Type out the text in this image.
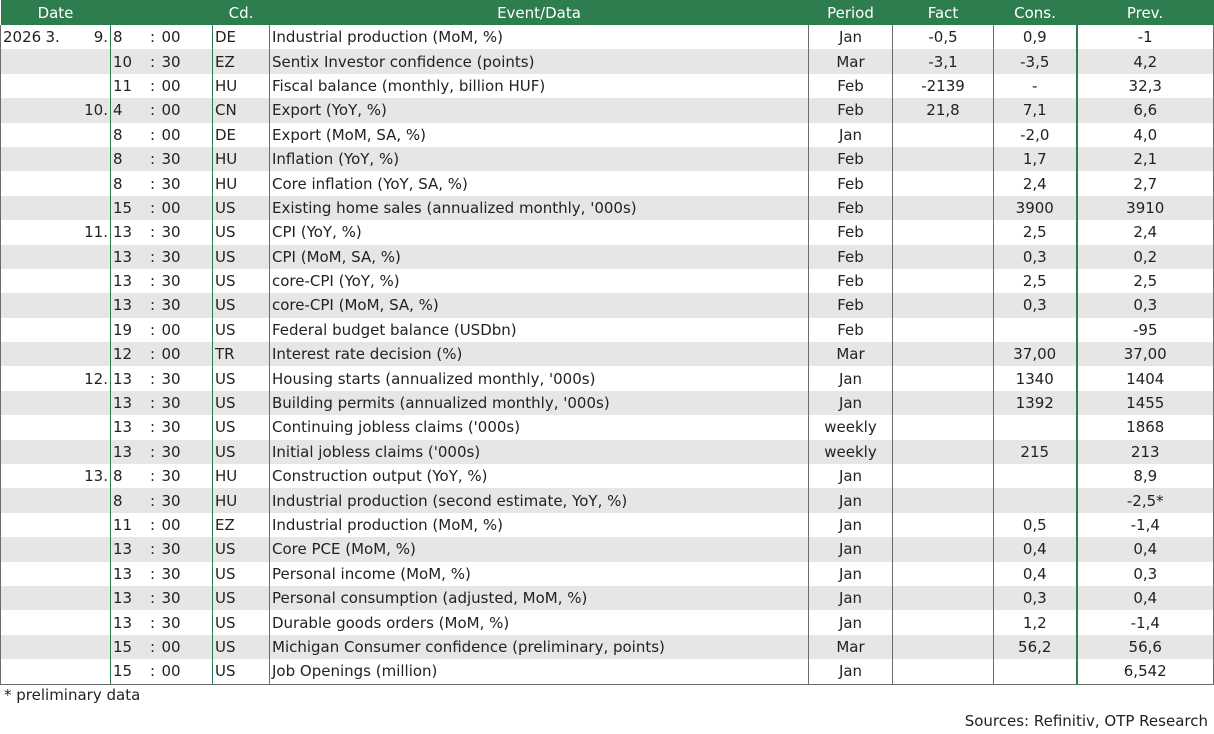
Date						Cd.	Event/Data	Period	Fact	Cons.	Prev.
2026	3.	9.	8	:	00	DE	Industrial production (MoM, %)	Jan	-0,5	0,9	-1
			10	:	30	EZ	Sentix Investor confidence (points)	Mar	-3,1	-3,5	4,2
			11	:	00	HU	Fiscal balance (monthly, billion HUF)	Feb	-2139	-	32,3
		10.	4	:	00	CN	Export (YoY, %)	Feb	21,8	7,1	6,6
			8	:	00	DE	Export (MoM, SA, %)	Jan		-2,0	4,0
			8	:	30	HU	Inflation (YoY, %)	Feb		1,7	2,1
			8	:	30	HU	Core inflation (YoY, SA, %)	Feb		2,4	2,7
			15	:	00	US	Existing home sales (annualized monthly, '000s)	Feb		3900	3910
		11.	13	:	30	US	CPI (YoY, %)	Feb		2,5	2,4
			13	:	30	US	CPI (MoM, SA, %)	Feb		0,3	0,2
			13	:	30	US	core-CPI (YoY, %)	Feb		2,5	2,5
			13	:	30	US	core-CPI (MoM, SA, %)	Feb		0,3	0,3
			19	:	00	US	Federal budget balance (USDbn)	Feb			-95
			12	:	00	TR	Interest rate decision (%)	Mar		37,00	37,00
		12.	13	:	30	US	Housing starts (annualized monthly, '000s)	Jan		1340	1404
			13	:	30	US	Building permits (annualized monthly, '000s)	Jan		1392	1455
			13	:	30	US	Continuing jobless claims ('000s)	weekly			1868
			13	:	30	US	Initial jobless claims ('000s)	weekly		215	213
		13.	8	:	30	HU	Construction output (YoY, %)	Jan			8,9
			8	:	30	HU	Industrial production (second estimate, YoY, %)	Jan			-2,5*
			11	:	00	EZ	Industrial production (MoM, %)	Jan		0,5	-1,4
			13	:	30	US	Core PCE (MoM, %)	Jan		0,4	0,4
			13	:	30	US	Personal income (MoM, %)	Jan		0,4	0,3
			13	:	30	US	Personal consumption (adjusted, MoM, %)	Jan		0,3	0,4
			13	:	30	US	Durable goods orders (MoM, %)	Jan		1,2	-1,4
			15	:	00	US	Michigan Consumer confidence (preliminary, points)	Mar		56,2	56,6
			15	:	00	US	Job Openings (million)	Jan			6,542
* preliminary data
Sources: Refinitiv, OTP Research
